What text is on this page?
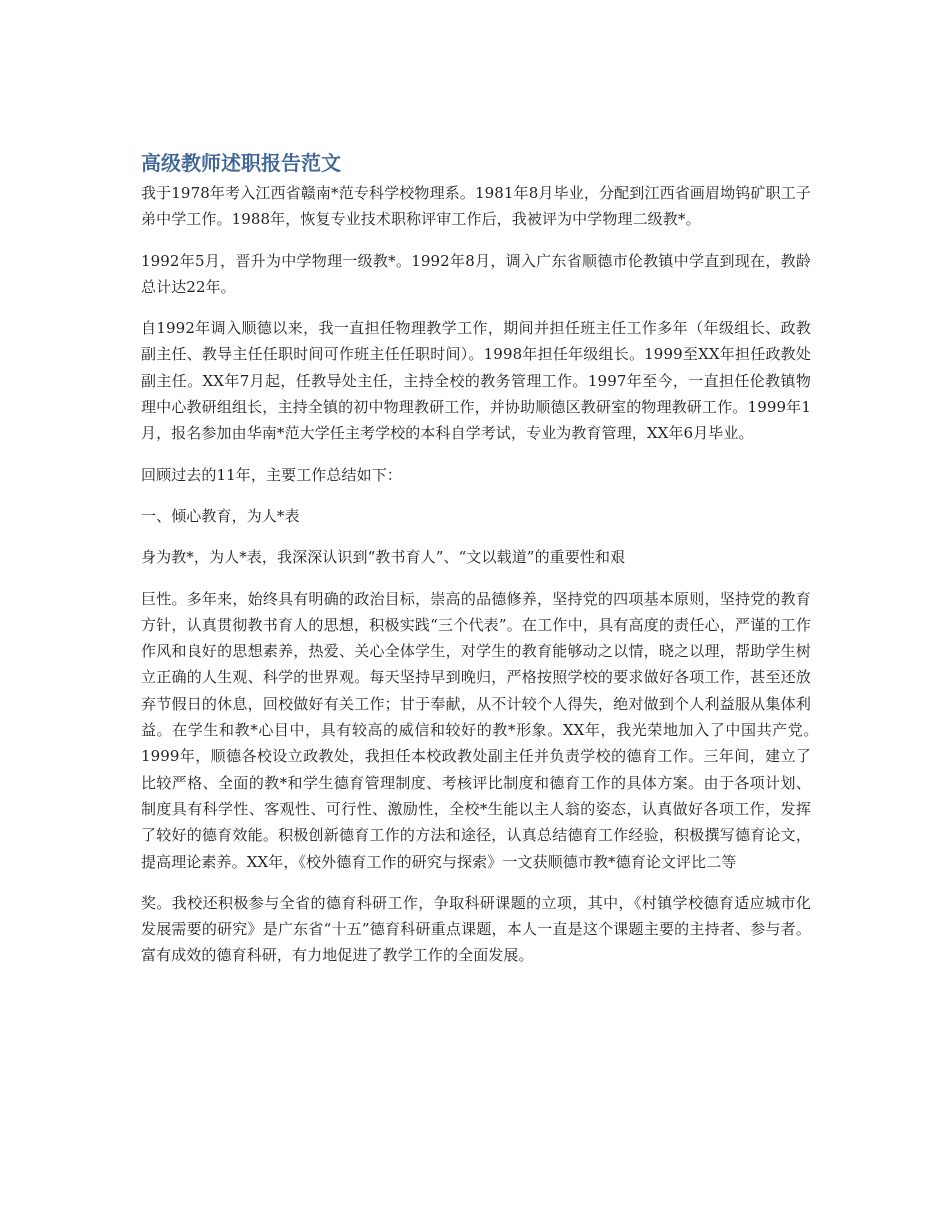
高级教师述职报告范文

我于1978年考入江西省赣南*范专科学校物理系。1981年8月毕业，分配到江西省画眉坳钨矿职工子弟中学工作。1988年，恢复专业技术职称评审工作后，我被评为中学物理二级教*。

1992年5月，晋升为中学物理一级教*。1992年8月，调入广东省顺德市伦教镇中学直到现在，教龄总计达22年。

自1992年调入顺德以来，我一直担任物理教学工作，期间并担任班主任工作多年（年级组长、政教副主任、教导主任任职时间可作班主任任职时间）。1998年担任年级组长。1999至XX年担任政教处副主任。XX年7月起，任教导处主任，主持全校的教务管理工作。1997年至今，一直担任伦教镇物理中心教研组组长，主持全镇的初中物理教研工作，并协助顺德区教研室的物理教研工作。1999年1月，报名参加由华南*范大学任主考学校的本科自学考试，专业为教育管理，XX年6月毕业。

回顾过去的11年，主要工作总结如下：

一、倾心教育，为人*表

身为教*，为人*表，我深深认识到“教书育人”、“文以载道”的重要性和艰

巨性。多年来，始终具有明确的政治目标，崇高的品德修养，坚持党的四项基本原则，坚持党的教育方针，认真贯彻教书育人的思想，积极实践“三个代表”。在工作中，具有高度的责任心，严谨的工作作风和良好的思想素养，热爱、关心全体学生，对学生的教育能够动之以情，晓之以理，帮助学生树立正确的人生观、科学的世界观。每天坚持早到晚归，严格按照学校的要求做好各项工作，甚至还放弃节假日的休息，回校做好有关工作；甘于奉献，从不计较个人得失，绝对做到个人利益服从集体利益。在学生和教*心目中，具有较高的威信和较好的教*形象。XX年，我光荣地加入了中国共产党。　　1999年，顺德各校设立政教处，我担任本校政教处副主任并负责学校的德育工作。三年间，建立了比较严格、全面的教*和学生德育管理制度、考核评比制度和德育工作的具体方案。由于各项计划、制度具有科学性、客观性、可行性、激励性，全校*生能以主人翁的姿态，认真做好各项工作，发挥了较好的德育效能。积极创新德育工作的方法和途径，认真总结德育工作经验，积极撰写德育论文，提高理论素养。XX年，《校外德育工作的研究与探索》一文获顺德市教*德育论文评比二等

奖。我校还积极参与全省的德育科研工作，争取科研课题的立项，其中，《村镇学校德育适应城市化发展需要的研究》是广东省“十五”德育科研重点课题，本人一直是这个课题主要的主持者、参与者。富有成效的德育科研，有力地促进了教学工作的全面发展。
